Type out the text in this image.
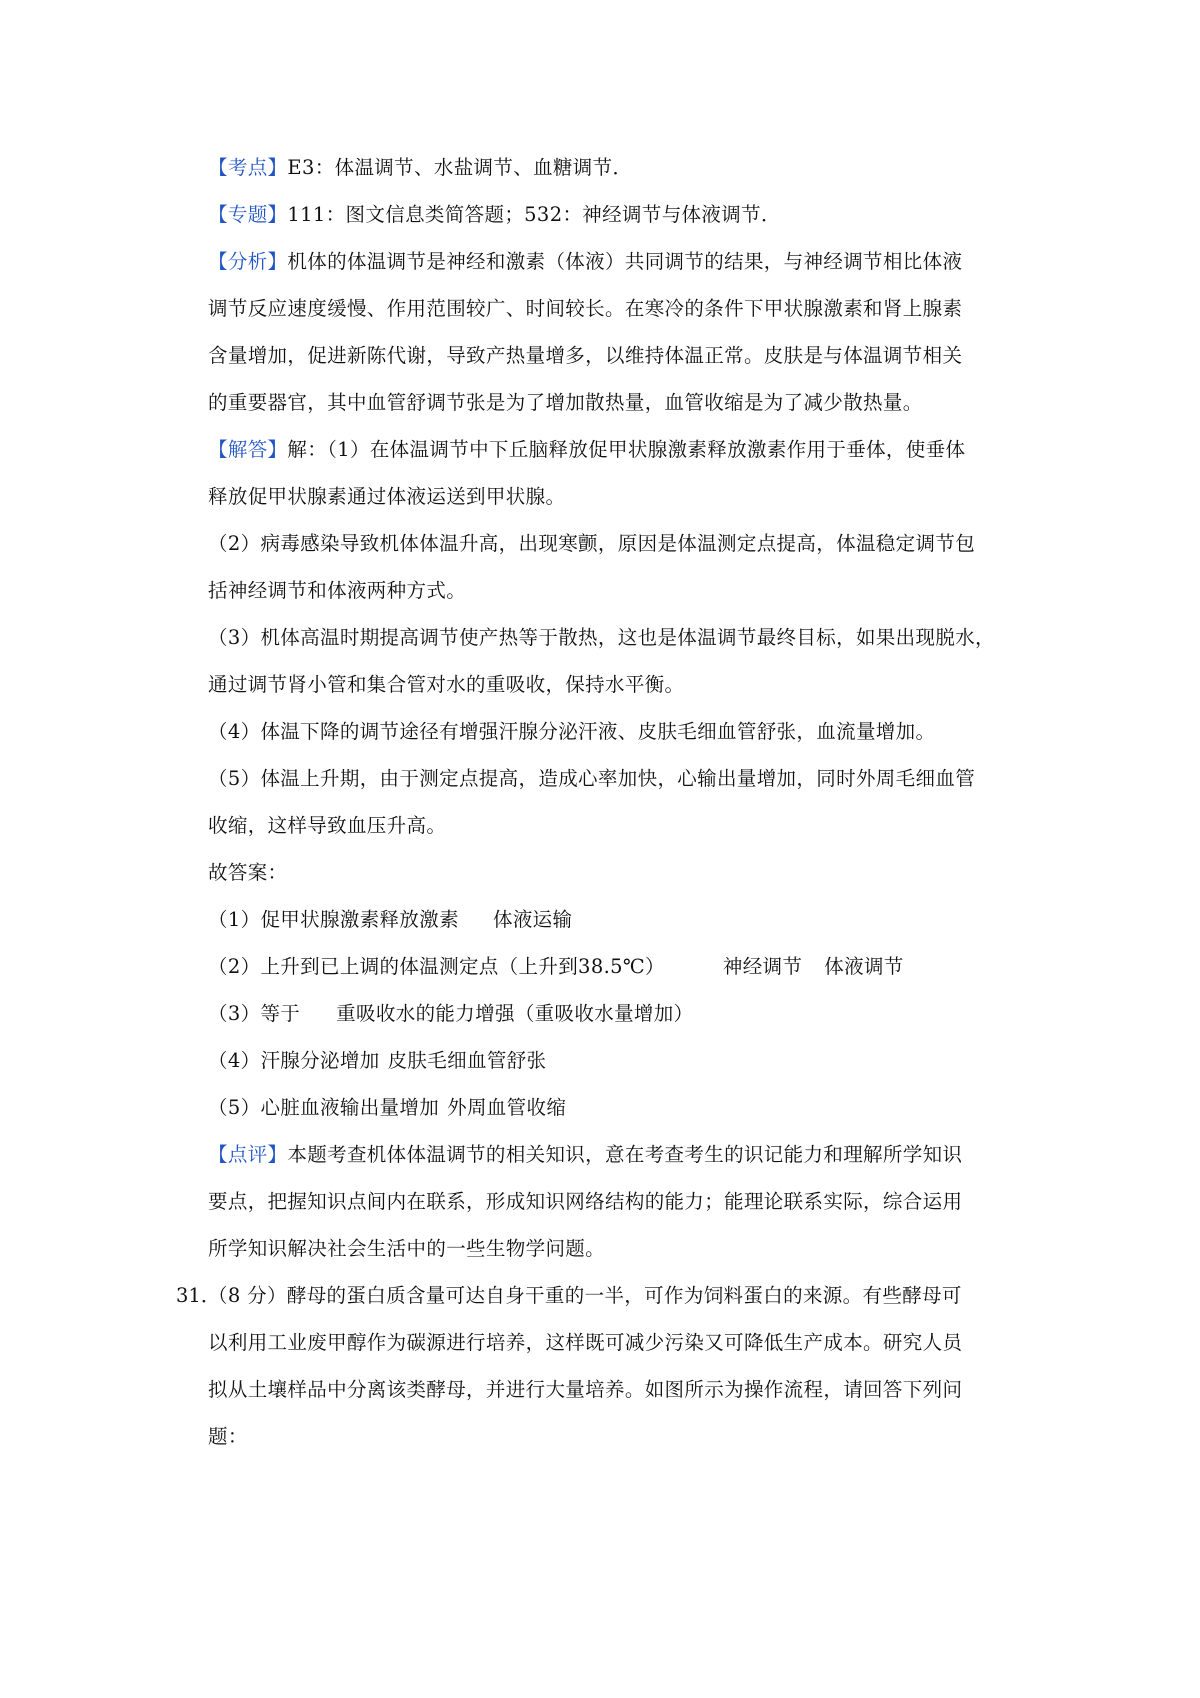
【考点】E3：体温调节、水盐调节、血糖调节．
【专题】111：图文信息类简答题；532：神经调节与体液调节．
【分析】机体的体温调节是神经和激素（体液）共同调节的结果，与神经调节相比体液
调节反应速度缓慢、作用范围较广、时间较长。在寒冷的条件下甲状腺激素和肾上腺素
含量增加，促进新陈代谢，导致产热量增多，以维持体温正常。皮肤是与体温调节相关
的重要器官，其中血管舒调节张是为了增加散热量，血管收缩是为了减少散热量。
【解答】解：（1）在体温调节中下丘脑释放促甲状腺激素释放激素作用于垂体，使垂体
释放促甲状腺素通过体液运送到甲状腺。
（2）病毒感染导致机体体温升高，出现寒颤，原因是体温测定点提高，体温稳定调节包
括神经调节和体液两种方式。
（3）机体高温时期提高调节使产热等于散热，这也是体温调节最终目标，如果出现脱水，
通过调节肾小管和集合管对水的重吸收，保持水平衡。
（4）体温下降的调节途径有增强汗腺分泌汗液、皮肤毛细血管舒张，血流量增加。
（5）体温上升期，由于测定点提高，造成心率加快，心输出量增加，同时外周毛细血管
收缩，这样导致血压升高。
故答案：
（1）促甲状腺激素释放激素 体液运输
（2）上升到已上调的体温测定点（上升到38.5℃）	神经调节 体液调节
（3）等于 重吸收水的能力增强（重吸收水量增加）
（4）汗腺分泌增加 皮肤毛细血管舒张
（5）心脏血液输出量增加 外周血管收缩
【点评】本题考查机体体温调节的相关知识，意在考查考生的识记能力和理解所学知识
要点，把握知识点间内在联系，形成知识网络结构的能力；能理论联系实际，综合运用
所学知识解决社会生活中的一些生物学问题。
31．
（8 分）酵母的蛋白质含量可达自身干重的一半，可作为饲料蛋白的来源。有些酵母可
以利用工业废甲醇作为碳源进行培养，这样既可减少污染又可降低生产成本。研究人员
拟从土壤样品中分离该类酵母，并进行大量培养。如图所示为操作流程，请回答下列问
题：
